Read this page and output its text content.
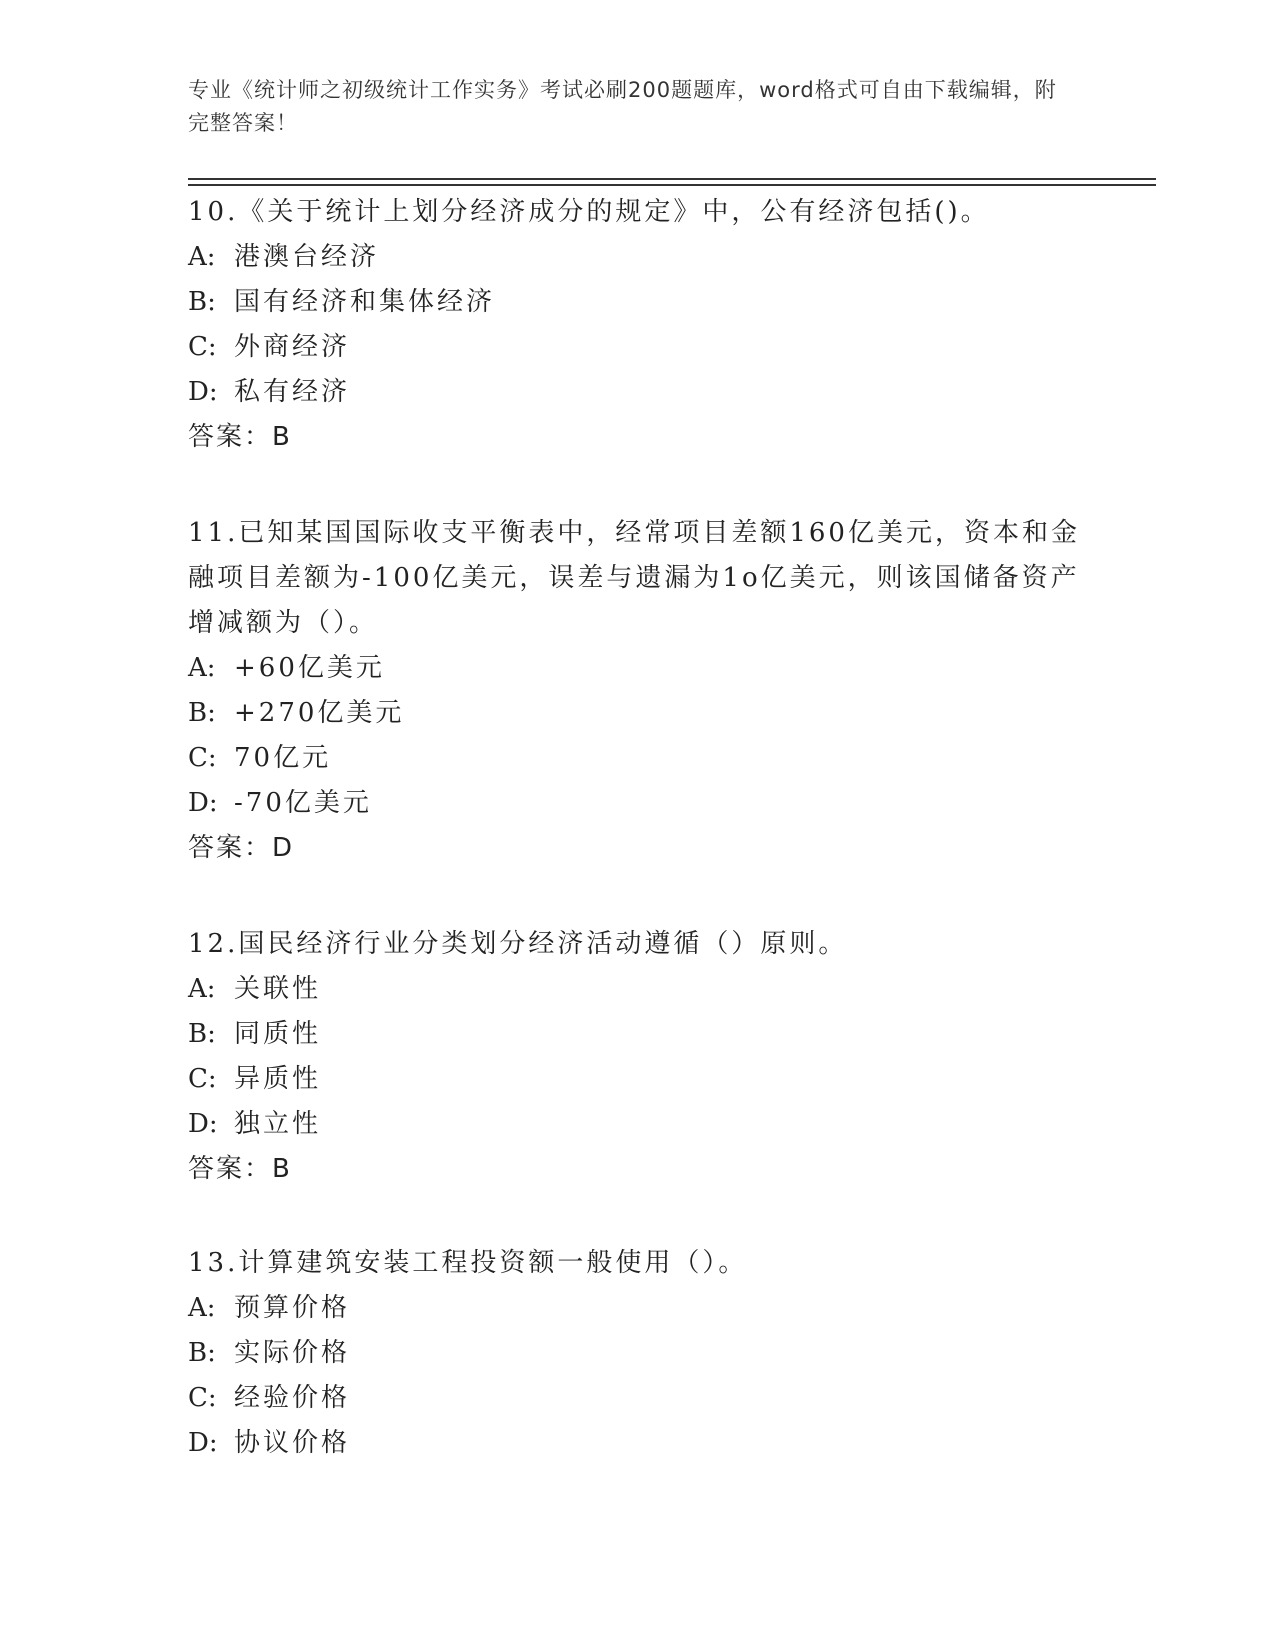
专业《统计师之初级统计工作实务》考试必刷200题题库，word格式可自由下载编辑，附完整答案！
10.《关于统计上划分经济成分的规定》中，公有经济包括()。
A: 港澳台经济
B: 国有经济和集体经济
C: 外商经济
D: 私有经济
答案：B
11.已知某国国际收支平衡表中，经常项目差额160亿美元，资本和金融项目差额为-100亿美元，误差与遗漏为1o亿美元，则该国储备资产增减额为（）。
A: +60亿美元
B: +270亿美元
C: 70亿元
D: -70亿美元
答案：D
12.国民经济行业分类划分经济活动遵循（）原则。
A: 关联性
B: 同质性
C: 异质性
D: 独立性
答案：B
13.计算建筑安装工程投资额一般使用（）。
A: 预算价格
B: 实际价格
C: 经验价格
D: 协议价格
